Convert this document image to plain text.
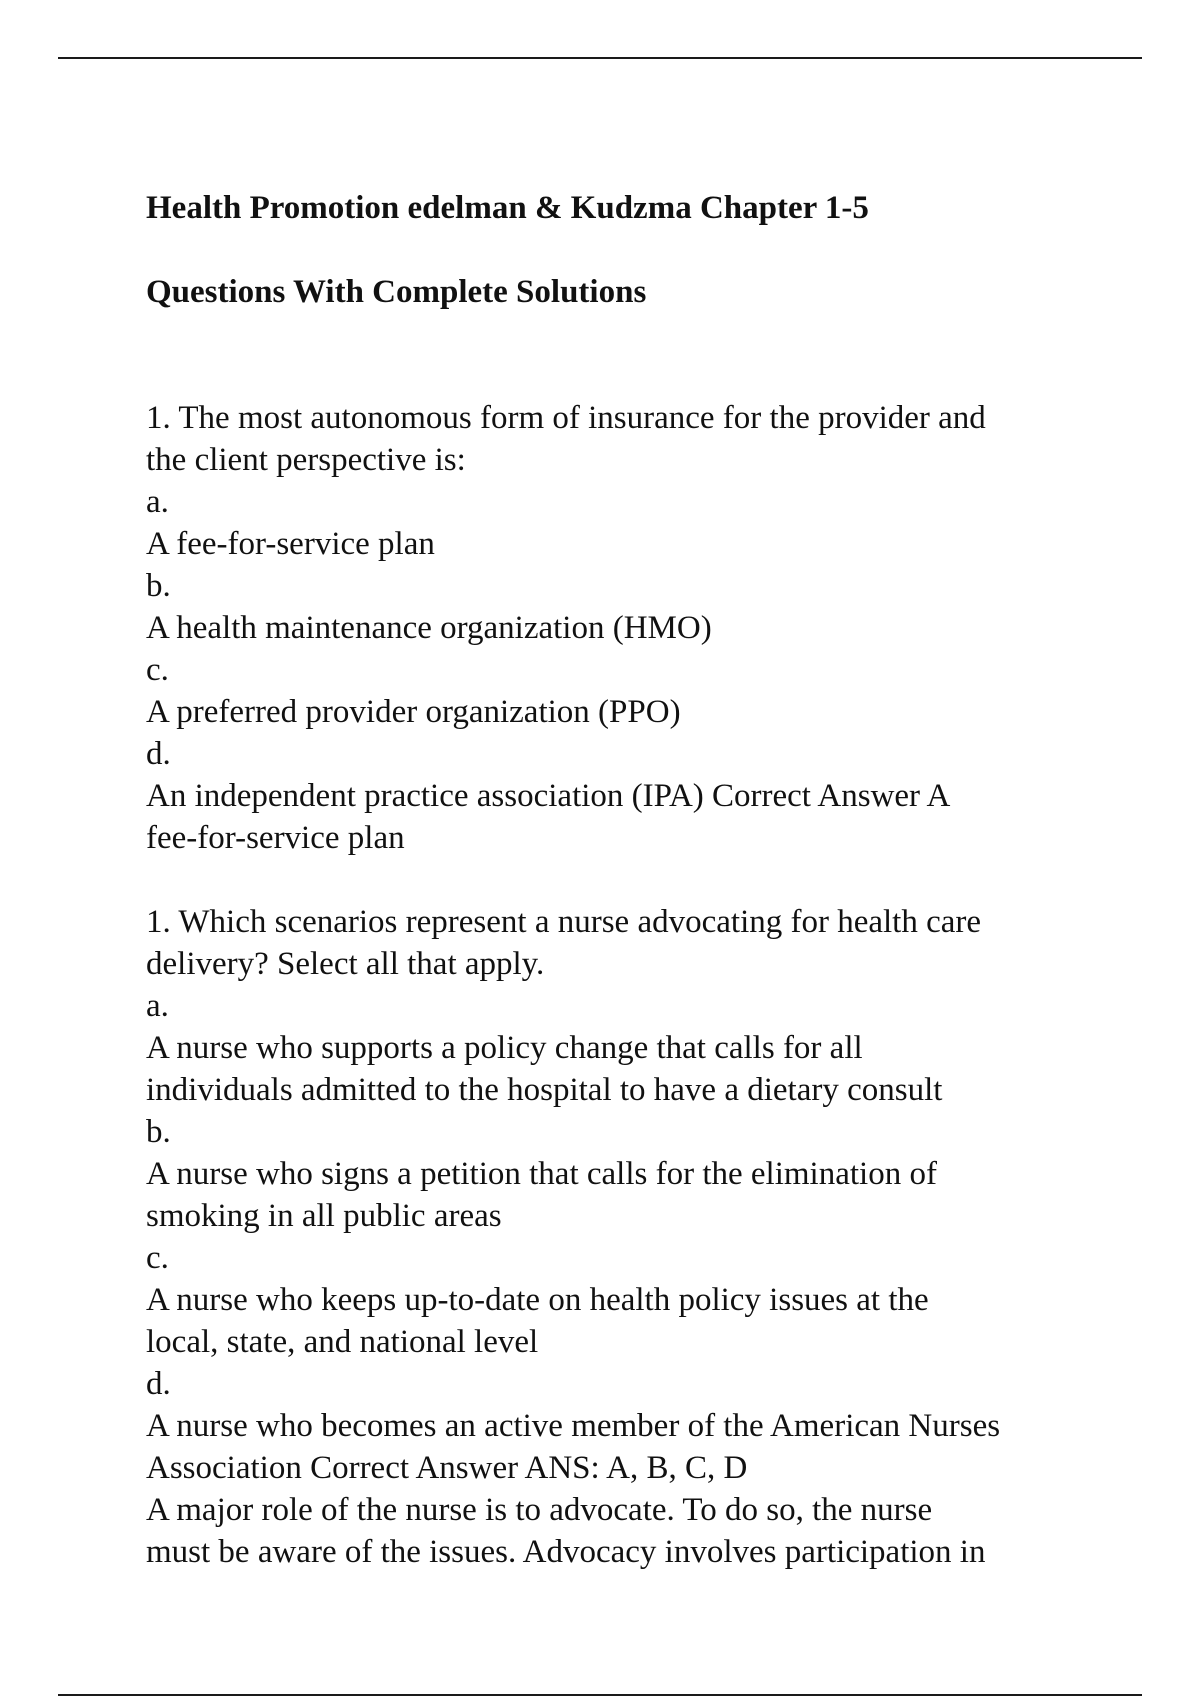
Health Promotion edelman & Kudzma Chapter 1-5

Questions With Complete Solutions

1. The most autonomous form of insurance for the provider and
the client perspective is:
a.
A fee-for-service plan
b.
A health maintenance organization (HMO)
c.
A preferred provider organization (PPO)
d.
An independent practice association (IPA) Correct Answer A
fee-for-service plan
1. Which scenarios represent a nurse advocating for health care
delivery? Select all that apply.
a.
A nurse who supports a policy change that calls for all
individuals admitted to the hospital to have a dietary consult
b.
A nurse who signs a petition that calls for the elimination of
smoking in all public areas
c.
A nurse who keeps up-to-date on health policy issues at the
local, state, and national level
d.
A nurse who becomes an active member of the American Nurses
Association Correct Answer ANS: A, B, C, D
A major role of the nurse is to advocate. To do so, the nurse
must be aware of the issues. Advocacy involves participation in
